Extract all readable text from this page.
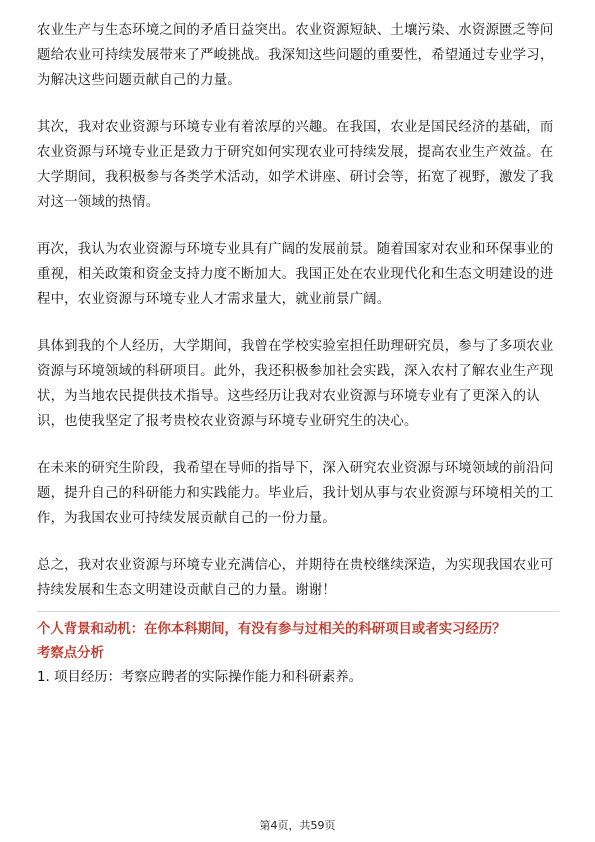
农业生产与生态环境之间的矛盾日益突出。农业资源短缺、土壤污染、水资源匮乏等问题给农业可持续发展带来了严峻挑战。我深知这些问题的重要性，希望通过专业学习，为解决这些问题贡献自己的力量。

其次，我对农业资源与环境专业有着浓厚的兴趣。在我国，农业是国民经济的基础，而农业资源与环境专业正是致力于研究如何实现农业可持续发展，提高农业生产效益。在大学期间，我积极参与各类学术活动，如学术讲座、研讨会等，拓宽了视野，激发了我对这一领域的热情。

再次，我认为农业资源与环境专业具有广阔的发展前景。随着国家对农业和环保事业的重视，相关政策和资金支持力度不断加大。我国正处在农业现代化和生态文明建设的进程中，农业资源与环境专业人才需求量大，就业前景广阔。

具体到我的个人经历，大学期间，我曾在学校实验室担任助理研究员，参与了多项农业资源与环境领域的科研项目。此外，我还积极参加社会实践，深入农村了解农业生产现状，为当地农民提供技术指导。这些经历让我对农业资源与环境专业有了更深入的认识，也使我坚定了报考贵校农业资源与环境专业研究生的决心。

在未来的研究生阶段，我希望在导师的指导下，深入研究农业资源与环境领域的前沿问题，提升自己的科研能力和实践能力。毕业后，我计划从事与农业资源与环境相关的工作，为我国农业可持续发展贡献自己的一份力量。

总之，我对农业资源与环境专业充满信心，并期待在贵校继续深造，为实现我国农业可持续发展和生态文明建设贡献自己的力量。谢谢！

个人背景和动机：在你本科期间，有没有参与过相关的科研项目或者实习经历？

考察点分析

1. 项目经历：考察应聘者的实际操作能力和科研素养。

第4页，共59页
